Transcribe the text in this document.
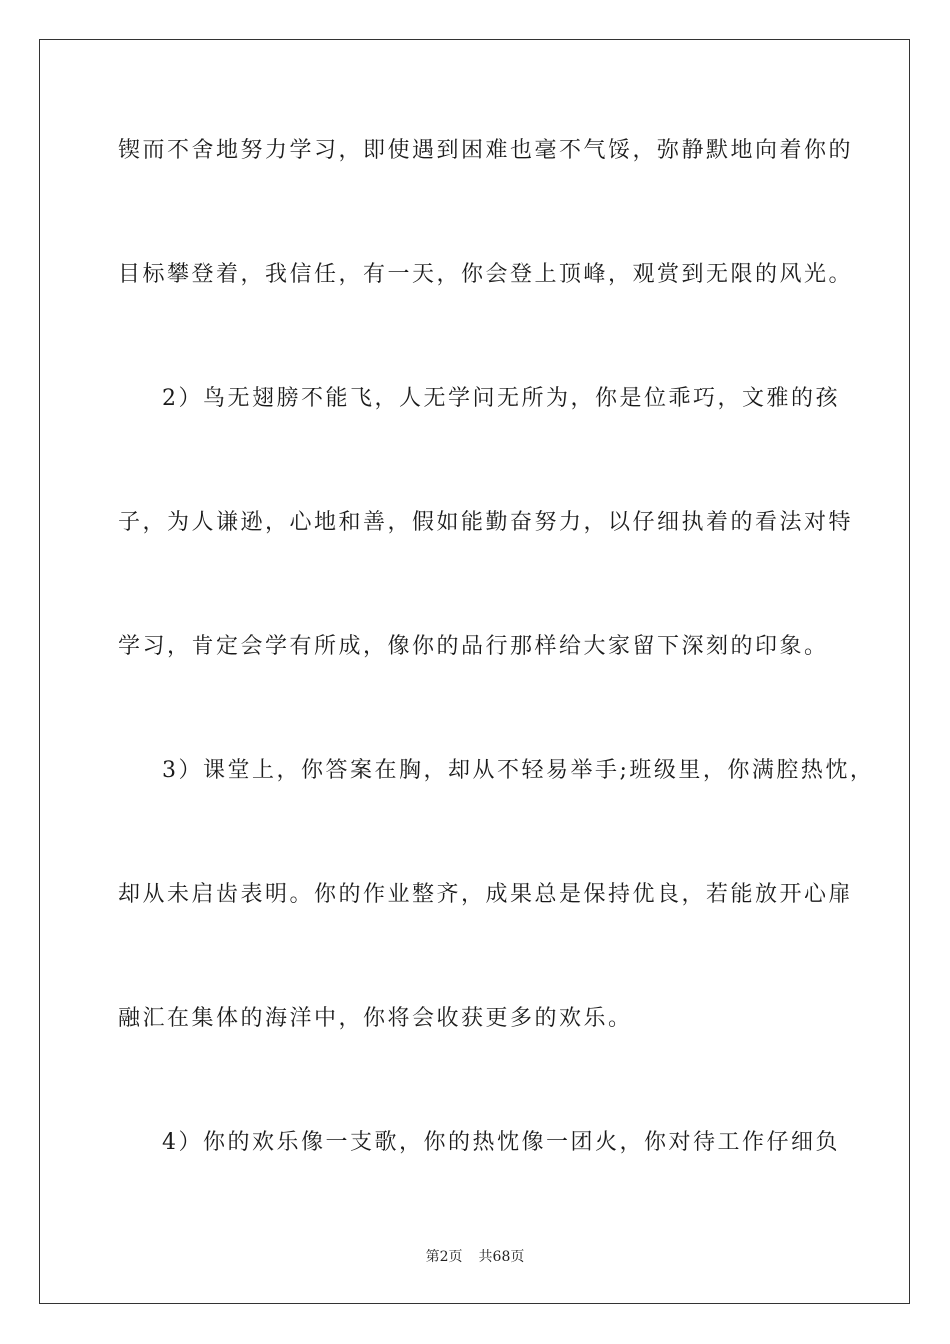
锲而不舍地努力学习，即使遇到困难也毫不气馁，弥静默地向着你的
目标攀登着，我信任，有一天，你会登上顶峰，观赏到无限的风光。
2）鸟无翅膀不能飞，人无学问无所为，你是位乖巧，文雅的孩
子，为人谦逊，心地和善，假如能勤奋努力，以仔细执着的看法对特
学习，肯定会学有所成，像你的品行那样给大家留下深刻的印象。
3）课堂上，你答案在胸，却从不轻易举手;班级里，你满腔热忱，
却从未启齿表明。你的作业整齐，成果总是保持优良，若能放开心扉
融汇在集体的海洋中，你将会收获更多的欢乐。
4）你的欢乐像一支歌，你的热忱像一团火，你对待工作仔细负
第2页 共68页
